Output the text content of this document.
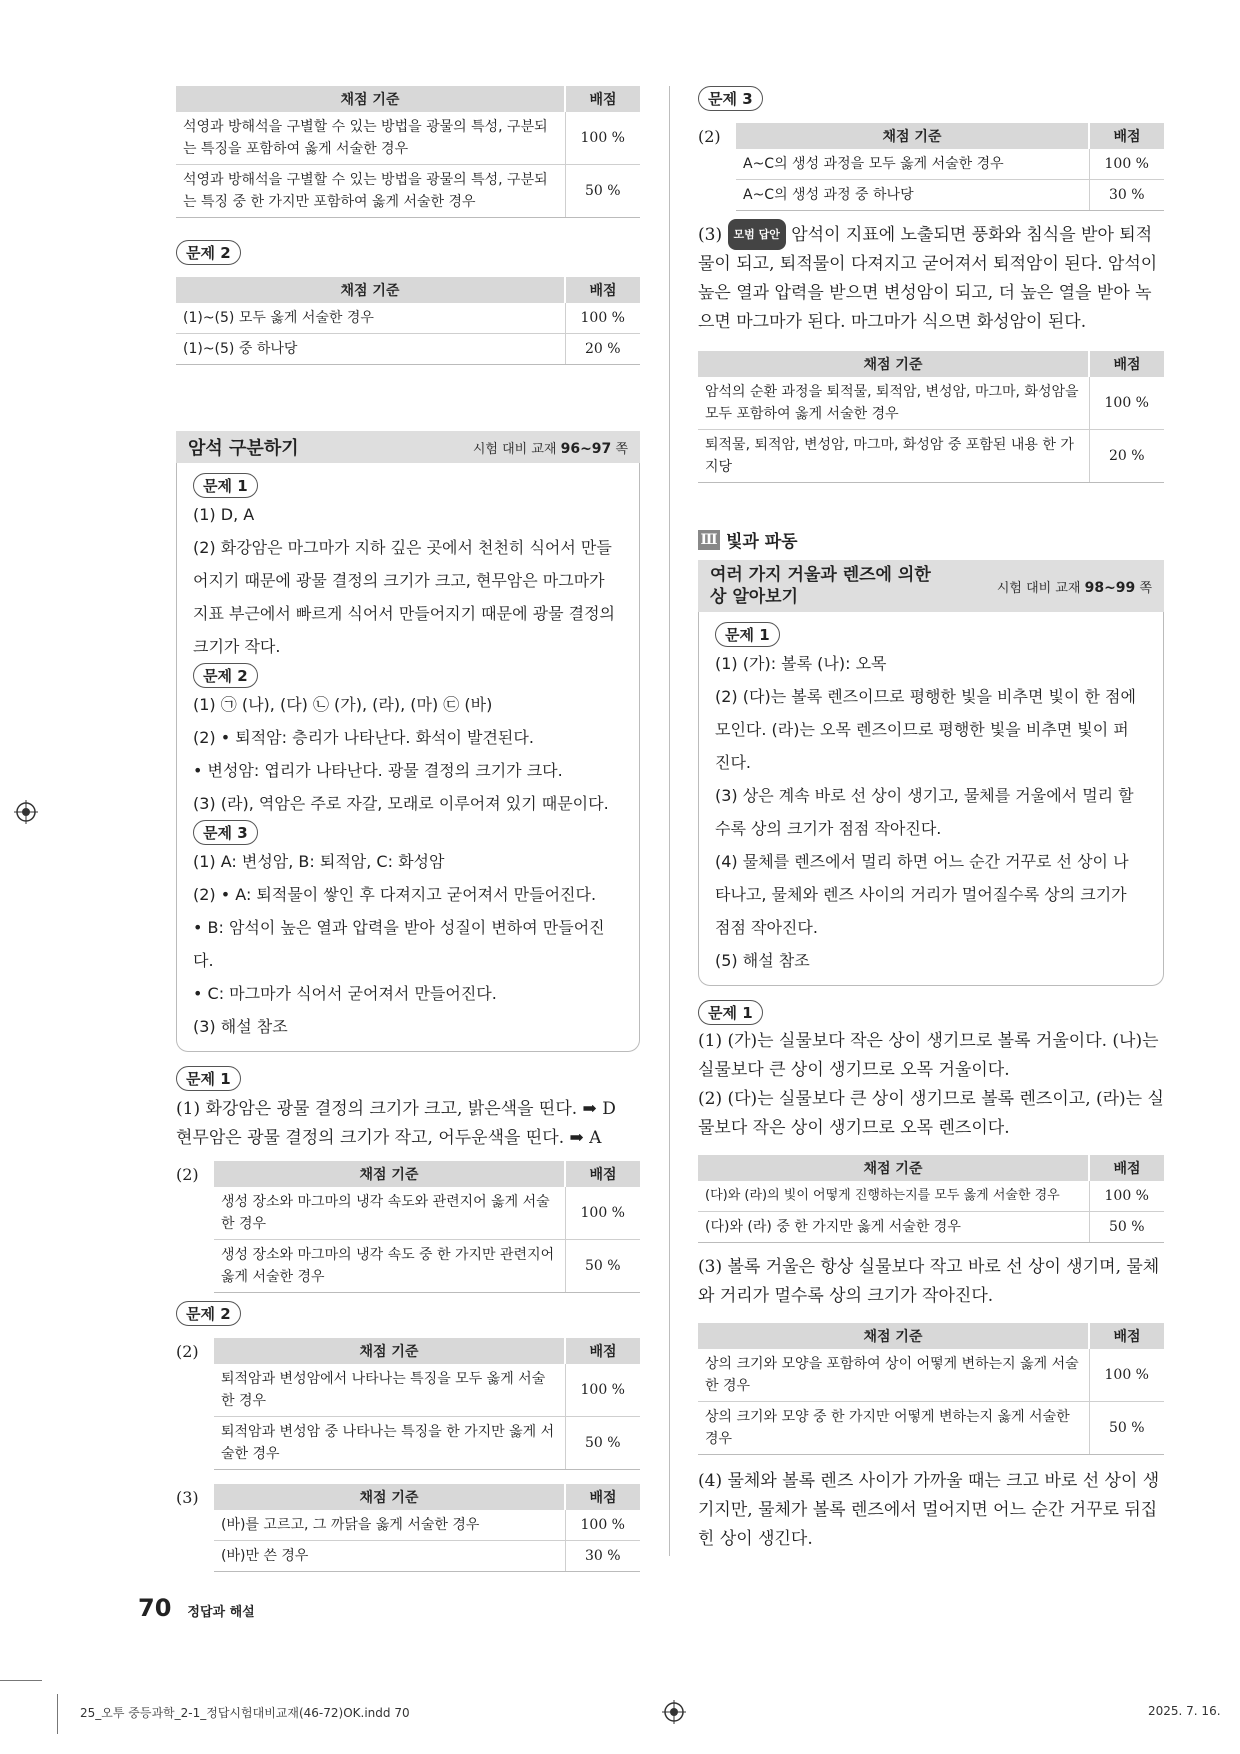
채점 기준	배점
석영과 방해석을 구별할 수 있는 방법을 광물의 특성, 구분되는 특징을 포함하여 옳게 서술한 경우	100 %
석영과 방해석을 구별할 수 있는 방법을 광물의 특성, 구분되는 특징 중 한 가지만 포함하여 옳게 서술한 경우	50 %
문제 2
채점 기준	배점
(1)~(5) 모두 옳게 서술한 경우	100 %
(1)~(5) 중 하나당	20 %
암석 구분하기	시험 대비 교재 96~97 쪽
문제 1
(1) D, A
(2) 화강암은 마그마가 지하 깊은 곳에서 천천히 식어서 만들
어지기 때문에 광물 결정의 크기가 크고, 현무암은 마그마가
지표 부근에서 빠르게 식어서 만들어지기 때문에 광물 결정의
크기가 작다.
문제 2
(1) ㉠ (나), (다) ㉡ (가), (라), (마) ㉢ (바)
(2) • 퇴적암: 층리가 나타난다. 화석이 발견된다.
• 변성암: 엽리가 나타난다. 광물 결정의 크기가 크다.
(3) (라), 역암은 주로 자갈, 모래로 이루어져 있기 때문이다.
문제 3
(1) A: 변성암, B: 퇴적암, C: 화성암
(2) • A: 퇴적물이 쌓인 후 다져지고 굳어져서 만들어진다.
• B: 암석이 높은 열과 압력을 받아 성질이 변하여 만들어진다.
• C: 마그마가 식어서 굳어져서 만들어진다.
(3) 해설 참조
문제 1
(1) 화강암은 광물 결정의 크기가 크고, 밝은색을 띤다. ➡ D
현무암은 광물 결정의 크기가 작고, 어두운색을 띤다. ➡ A
(2)	채점 기준	배점
생성 장소와 마그마의 냉각 속도와 관련지어 옳게 서술한 경우	100 %
생성 장소와 마그마의 냉각 속도 중 한 가지만 관련지어 옳게 서술한 경우	50 %
문제 2
(2)	채점 기준	배점
퇴적암과 변성암에서 나타나는 특징을 모두 옳게 서술한 경우	100 %
퇴적암과 변성암 중 나타나는 특징을 한 가지만 옳게 서술한 경우	50 %
(3)	채점 기준	배점
(바)를 고르고, 그 까닭을 옳게 서술한 경우	100 %
(바)만 쓴 경우	30 %
문제 3
(2)	채점 기준	배점
A~C의 생성 과정을 모두 옳게 서술한 경우	100 %
A~C의 생성 과정 중 하나당	30 %
(3) 모범 답안 암석이 지표에 노출되면 풍화와 침식을 받아 퇴적물이 되고, 퇴적물이 다져지고 굳어져서 퇴적암이 된다. 암석이 높은 열과 압력을 받으면 변성암이 되고, 더 높은 열을 받아 녹으면 마그마가 된다. 마그마가 식으면 화성암이 된다.
채점 기준	배점
암석의 순환 과정을 퇴적물, 퇴적암, 변성암, 마그마, 화성암을 모두 포함하여 옳게 서술한 경우	100 %
퇴적물, 퇴적암, 변성암, 마그마, 화성암 중 포함된 내용 한 가지당	20 %
Ⅲ 빛과 파동
여러 가지 거울과 렌즈에 의한 상 알아보기	시험 대비 교재 98~99 쪽
문제 1
(1) (가): 볼록 (나): 오목
(2) (다)는 볼록 렌즈이므로 평행한 빛을 비추면 빛이 한 점에
모인다. (라)는 오목 렌즈이므로 평행한 빛을 비추면 빛이 퍼
진다.
(3) 상은 계속 바로 선 상이 생기고, 물체를 거울에서 멀리 할
수록 상의 크기가 점점 작아진다.
(4) 물체를 렌즈에서 멀리 하면 어느 순간 거꾸로 선 상이 나
타나고, 물체와 렌즈 사이의 거리가 멀어질수록 상의 크기가
점점 작아진다.
(5) 해설 참조
문제 1
(1) (가)는 실물보다 작은 상이 생기므로 볼록 거울이다. (나)는 실물보다 큰 상이 생기므로 오목 거울이다.
(2) (다)는 실물보다 큰 상이 생기므로 볼록 렌즈이고, (라)는 실물보다 작은 상이 생기므로 오목 렌즈이다.
채점 기준	배점
(다)와 (라)의 빛이 어떻게 진행하는지를 모두 옳게 서술한 경우	100 %
(다)와 (라) 중 한 가지만 옳게 서술한 경우	50 %
(3) 볼록 거울은 항상 실물보다 작고 바로 선 상이 생기며, 물체와 거리가 멀수록 상의 크기가 작아진다.
채점 기준	배점
상의 크기와 모양을 포함하여 상이 어떻게 변하는지 옳게 서술한 경우	100 %
상의 크기와 모양 중 한 가지만 어떻게 변하는지 옳게 서술한 경우	50 %
(4) 물체와 볼록 렌즈 사이가 가까울 때는 크고 바로 선 상이 생기지만, 물체가 볼록 렌즈에서 멀어지면 어느 순간 거꾸로 뒤집힌 상이 생긴다.
70 정답과 해설
25_오투 중등과학_2-1_정답시험대비교재(46-72)OK.indd 70	2025. 7. 16.
